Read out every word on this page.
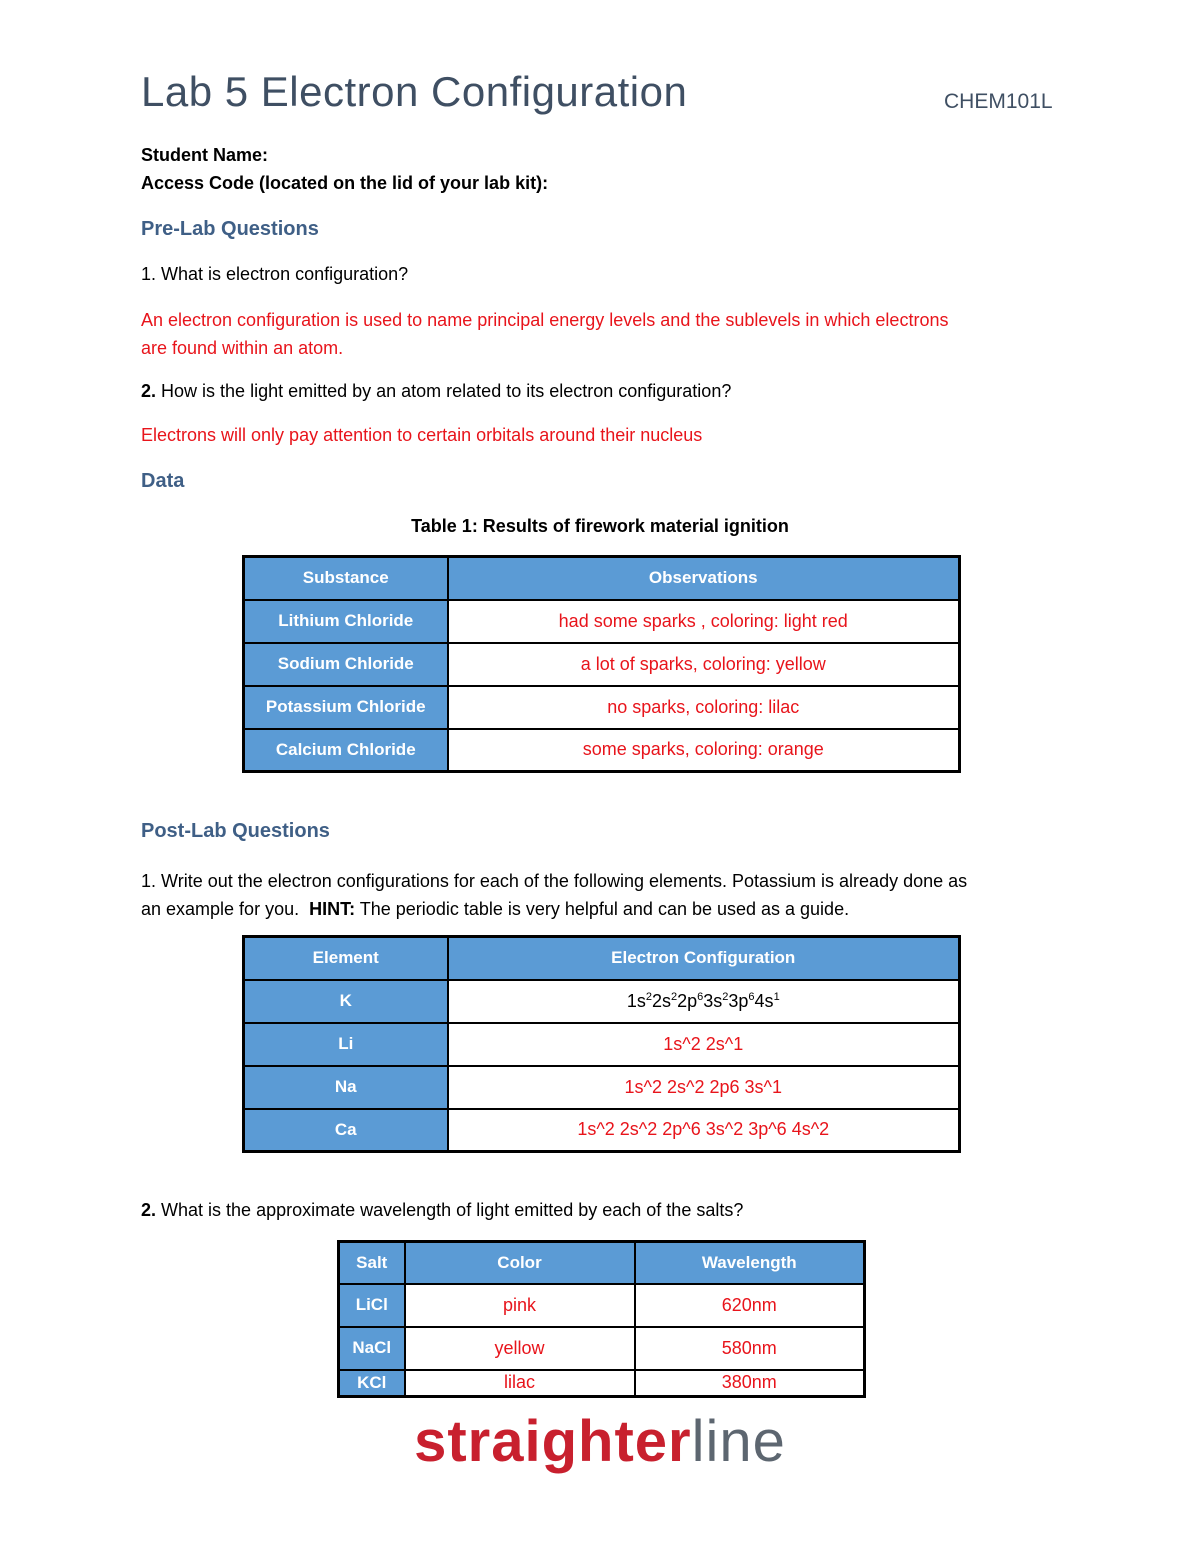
Lab 5 Electron Configuration	CHEM101L
Student Name:
Access Code (located on the lid of your lab kit):
Pre-Lab Questions
1. What is electron configuration?
An electron configuration is used to name principal energy levels and the sublevels in which electrons
are found within an atom.
2. How is the light emitted by an atom related to its electron configuration?
Electrons will only pay attention to certain orbitals around their nucleus
Data
Table 1: Results of firework material ignition
Substance	Observations
Lithium Chloride	had some sparks , coloring: light red
Sodium Chloride	a lot of sparks, coloring: yellow
Potassium Chloride	no sparks, coloring: lilac
Calcium Chloride	some sparks, coloring: orange
Post-Lab Questions
1. Write out the electron configurations for each of the following elements. Potassium is already done as
an example for you.  HINT: The periodic table is very helpful and can be used as a guide.
Element	Electron Configuration
K	$1s^22s^22p^63s^23p^64s^1$
Li	1s^2 2s^1
Na	1s^2 2s^2 2p6 3s^1
Ca	1s^2 2s^2 2p^6 3s^2 3p^6 4s^2
2. What is the approximate wavelength of light emitted by each of the salts?
Salt	Color	Wavelength
LiCl	pink	620nm
NaCl	yellow	580nm
KCl	lilac	380nm
straighterline
